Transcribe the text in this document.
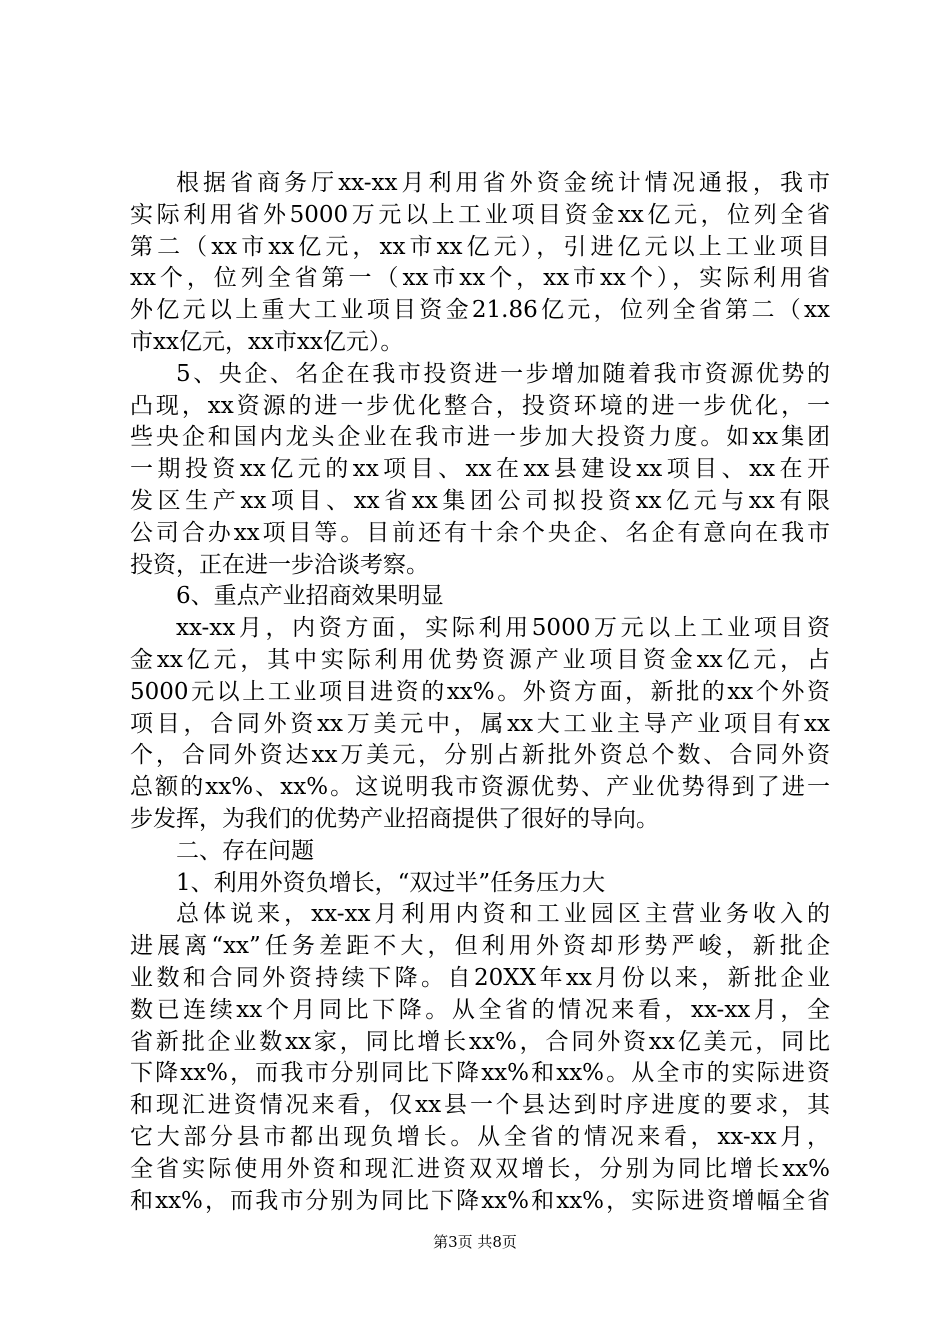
根据省商务厅xx-xx月利用省外资金统计情况通报，我市
实际利用省外5000万元以上工业项目资金xx亿元，位列全省
第二（xx市xx亿元，xx市xx亿元），引进亿元以上工业项目
xx个，位列全省第一（xx市xx个，xx市xx个），实际利用省
外亿元以上重大工业项目资金21.86亿元，位列全省第二（xx
市xx亿元，xx市xx亿元）。
5、央企、名企在我市投资进一步增加随着我市资源优势的
凸现，xx资源的进一步优化整合，投资环境的进一步优化，一
些央企和国内龙头企业在我市进一步加大投资力度。如xx集团
一期投资xx亿元的xx项目、xx在xx县建设xx项目、xx在开
发区生产xx项目、xx省xx集团公司拟投资xx亿元与xx有限
公司合办xx项目等。目前还有十余个央企、名企有意向在我市
投资，正在进一步洽谈考察。
6、重点产业招商效果明显
xx-xx月，内资方面，实际利用5000万元以上工业项目资
金xx亿元，其中实际利用优势资源产业项目资金xx亿元，占
5000元以上工业项目进资的xx%。外资方面，新批的xx个外资
项目，合同外资xx万美元中，属xx大工业主导产业项目有xx
个，合同外资达xx万美元，分别占新批外资总个数、合同外资
总额的xx%、xx%。这说明我市资源优势、产业优势得到了进一
步发挥，为我们的优势产业招商提供了很好的导向。
二、存在问题
1、利用外资负增长，“双过半”任务压力大
总体说来，xx-xx月利用内资和工业园区主营业务收入的
进展离“xx”任务差距不大，但利用外资却形势严峻，新批企
业数和合同外资持续下降。自20XX年xx月份以来，新批企业
数已连续xx个月同比下降。从全省的情况来看，xx-xx月，全
省新批企业数xx家，同比增长xx%，合同外资xx亿美元，同比
下降xx%，而我市分别同比下降xx%和xx%。从全市的实际进资
和现汇进资情况来看，仅xx县一个县达到时序进度的要求，其
它大部分县市都出现负增长。从全省的情况来看，xx-xx月，
全省实际使用外资和现汇进资双双增长，分别为同比增长xx%
和xx%，而我市分别为同比下降xx%和xx%，实际进资增幅全省
第3页 共8页
